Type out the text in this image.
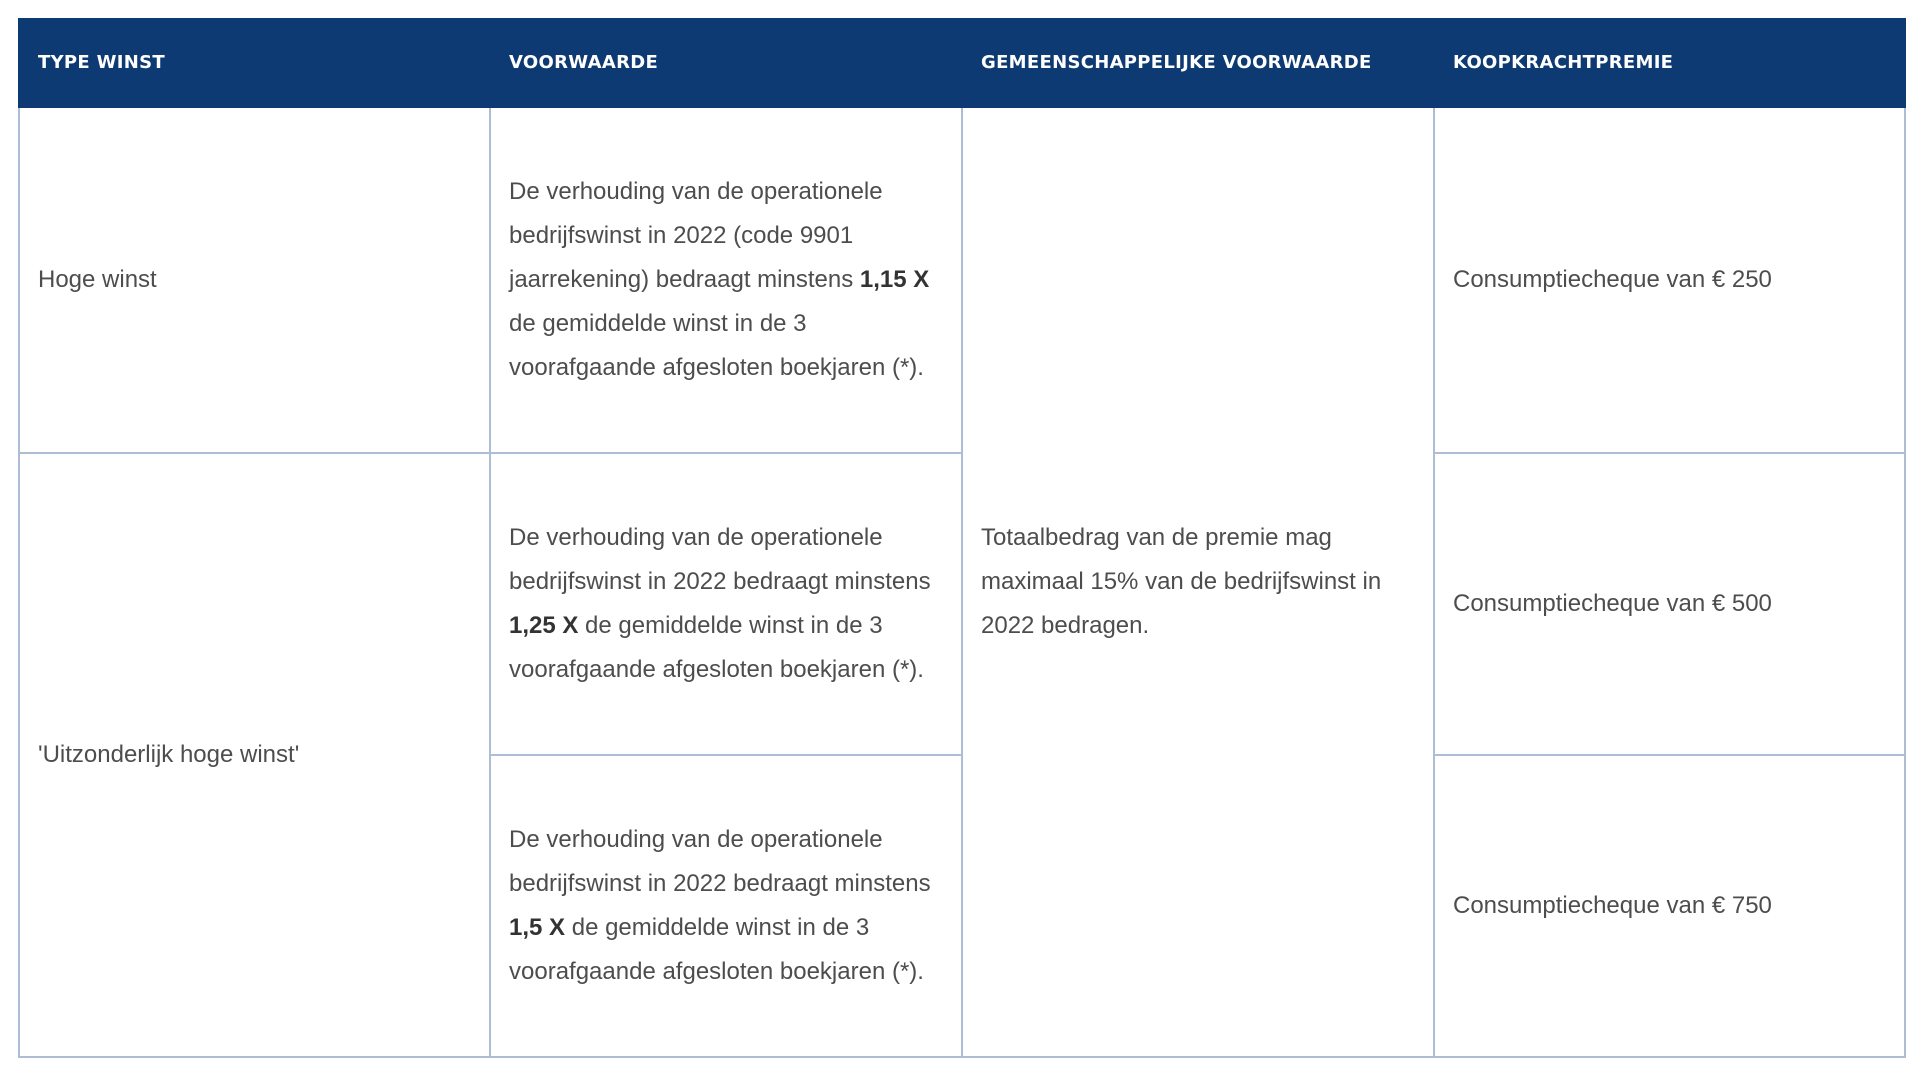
TYPE WINST	VOORWAARDE	GEMEENSCHAPPELIJKE VOORWAARDE	KOOPKRACHTPREMIE
Hoge winst	De verhouding van de operationele bedrijfswinst in 2022 (code 9901 jaarrekening) bedraagt minstens 1,15 X de gemiddelde winst in de 3 voorafgaande afgesloten boekjaren (*).	Totaalbedrag van de premie mag maximaal 15% van de bedrijfswinst in 2022 bedragen.	Consumptiecheque van € 250
'Uitzonderlijk hoge winst'	De verhouding van de operationele bedrijfswinst in 2022 bedraagt minstens 1,25 X de gemiddelde winst in de 3 voorafgaande afgesloten boekjaren (*).		Consumptiecheque van € 500
	De verhouding van de operationele bedrijfswinst in 2022 bedraagt minstens 1,5 X de gemiddelde winst in de 3 voorafgaande afgesloten boekjaren (*).		Consumptiecheque van € 750
